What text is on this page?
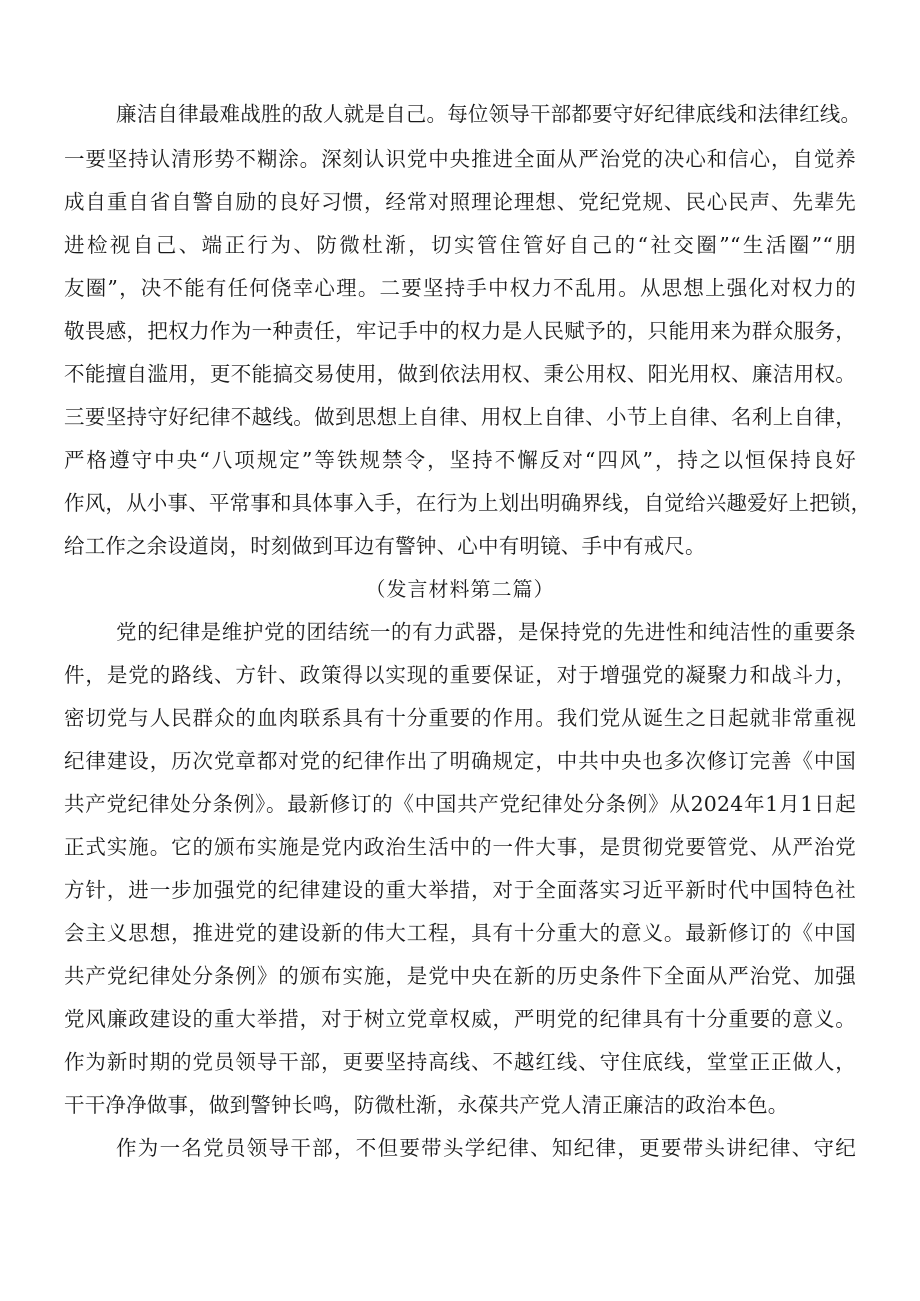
廉洁自律最难战胜的敌人就是自己。每位领导干部都要守好纪律底线和法律红线。

一要坚持认清形势不糊涂。深刻认识党中央推进全面从严治党的决心和信心，自觉养

成自重自省自警自励的良好习惯，经常对照理论理想、党纪党规、民心民声、先辈先

进检视自己、端正行为、防微杜渐，切实管住管好自己的“社交圈”“生活圈”“朋

友圈”，决不能有任何侥幸心理。二要坚持手中权力不乱用。从思想上强化对权力的

敬畏感，把权力作为一种责任，牢记手中的权力是人民赋予的，只能用来为群众服务，

不能擅自滥用，更不能搞交易使用，做到依法用权、秉公用权、阳光用权、廉洁用权。

三要坚持守好纪律不越线。做到思想上自律、用权上自律、小节上自律、名利上自律，

严格遵守中央“八项规定”等铁规禁令，坚持不懈反对“四风”，持之以恒保持良好

作风，从小事、平常事和具体事入手，在行为上划出明确界线，自觉给兴趣爱好上把锁，

给工作之余设道岗，时刻做到耳边有警钟、心中有明镜、手中有戒尺。

（发言材料第二篇）

党的纪律是维护党的团结统一的有力武器，是保持党的先进性和纯洁性的重要条

件，是党的路线、方针、政策得以实现的重要保证，对于增强党的凝聚力和战斗力，

密切党与人民群众的血肉联系具有十分重要的作用。我们党从诞生之日起就非常重视

纪律建设，历次党章都对党的纪律作出了明确规定，中共中央也多次修订完善《中国

共产党纪律处分条例》。最新修订的《中国共产党纪律处分条例》从2024年1月1日起

正式实施。它的颁布实施是党内政治生活中的一件大事，是贯彻党要管党、从严治党

方针，进一步加强党的纪律建设的重大举措，对于全面落实习近平新时代中国特色社

会主义思想，推进党的建设新的伟大工程，具有十分重大的意义。最新修订的《中国

共产党纪律处分条例》的颁布实施，是党中央在新的历史条件下全面从严治党、加强

党风廉政建设的重大举措，对于树立党章权威，严明党的纪律具有十分重要的意义。

作为新时期的党员领导干部，更要坚持高线、不越红线、守住底线，堂堂正正做人，

干干净净做事，做到警钟长鸣，防微杜渐，永葆共产党人清正廉洁的政治本色。

作为一名党员领导干部，不但要带头学纪律、知纪律，更要带头讲纪律、守纪
